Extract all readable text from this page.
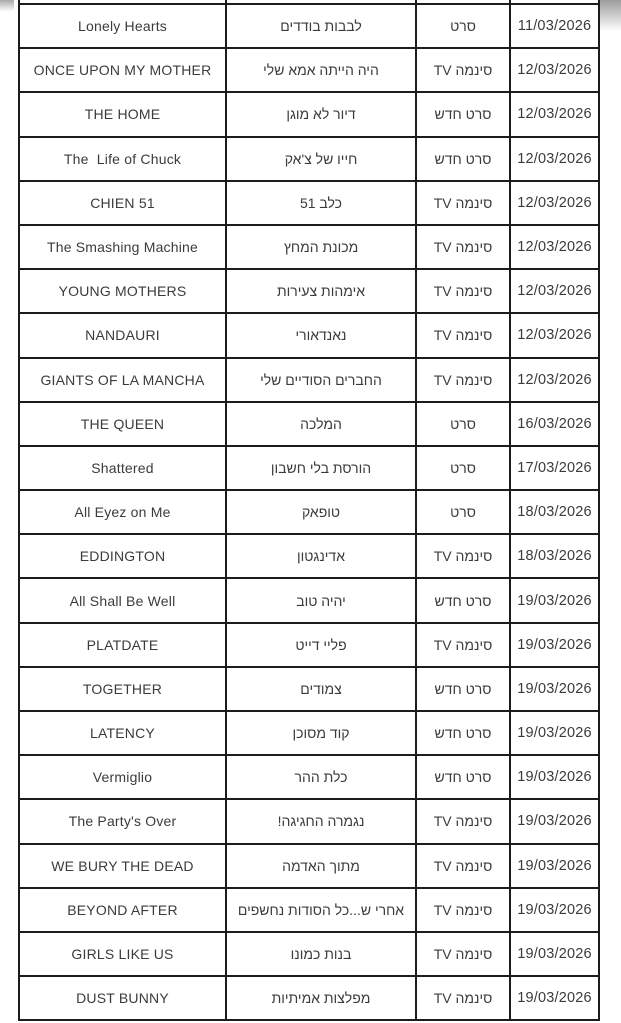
Lonely Hearts	לבבות בודדים	סרט	11/03/2026
ONCE UPON MY MOTHER	היה הייתה אמא שלי	סינמה TV	12/03/2026
THE HOME	דיור לא מוגן	סרט חדש	12/03/2026
The  Life of Chuck	חייו של צ'אק	סרט חדש	12/03/2026
CHIEN 51	כלב 51	סינמה TV	12/03/2026
The Smashing Machine	מכונת המחץ	סינמה TV	12/03/2026
YOUNG MOTHERS	אימהות צעירות	סינמה TV	12/03/2026
NANDAURI	נאנדאורי	סינמה TV	12/03/2026
GIANTS OF LA MANCHA	החברים הסודיים שלי	סינמה TV	12/03/2026
THE QUEEN	המלכה	סרט	16/03/2026
Shattered	הורסת בלי חשבון	סרט	17/03/2026
All Eyez on Me	טופאק	סרט	18/03/2026
EDDINGTON	אדינגטון	סינמה TV	18/03/2026
All Shall Be Well	יהיה טוב	סרט חדש	19/03/2026
PLATDATE	פליי דייט	סינמה TV	19/03/2026
TOGETHER	צמודים	סרט חדש	19/03/2026
LATENCY	קוד מסוכן	סרט חדש	19/03/2026
Vermiglio	כלת ההר	סרט חדש	19/03/2026
The Party's Over	נגמרה החגיגה!	סינמה TV	19/03/2026
WE BURY THE DEAD	מתוך האדמה	סינמה TV	19/03/2026
BEYOND AFTER	אחרי ש...כל הסודות נחשפים	סינמה TV	19/03/2026
GIRLS LIKE US	בנות כמונו	סינמה TV	19/03/2026
DUST BUNNY	מפלצות אמיתיות	סינמה TV	19/03/2026
